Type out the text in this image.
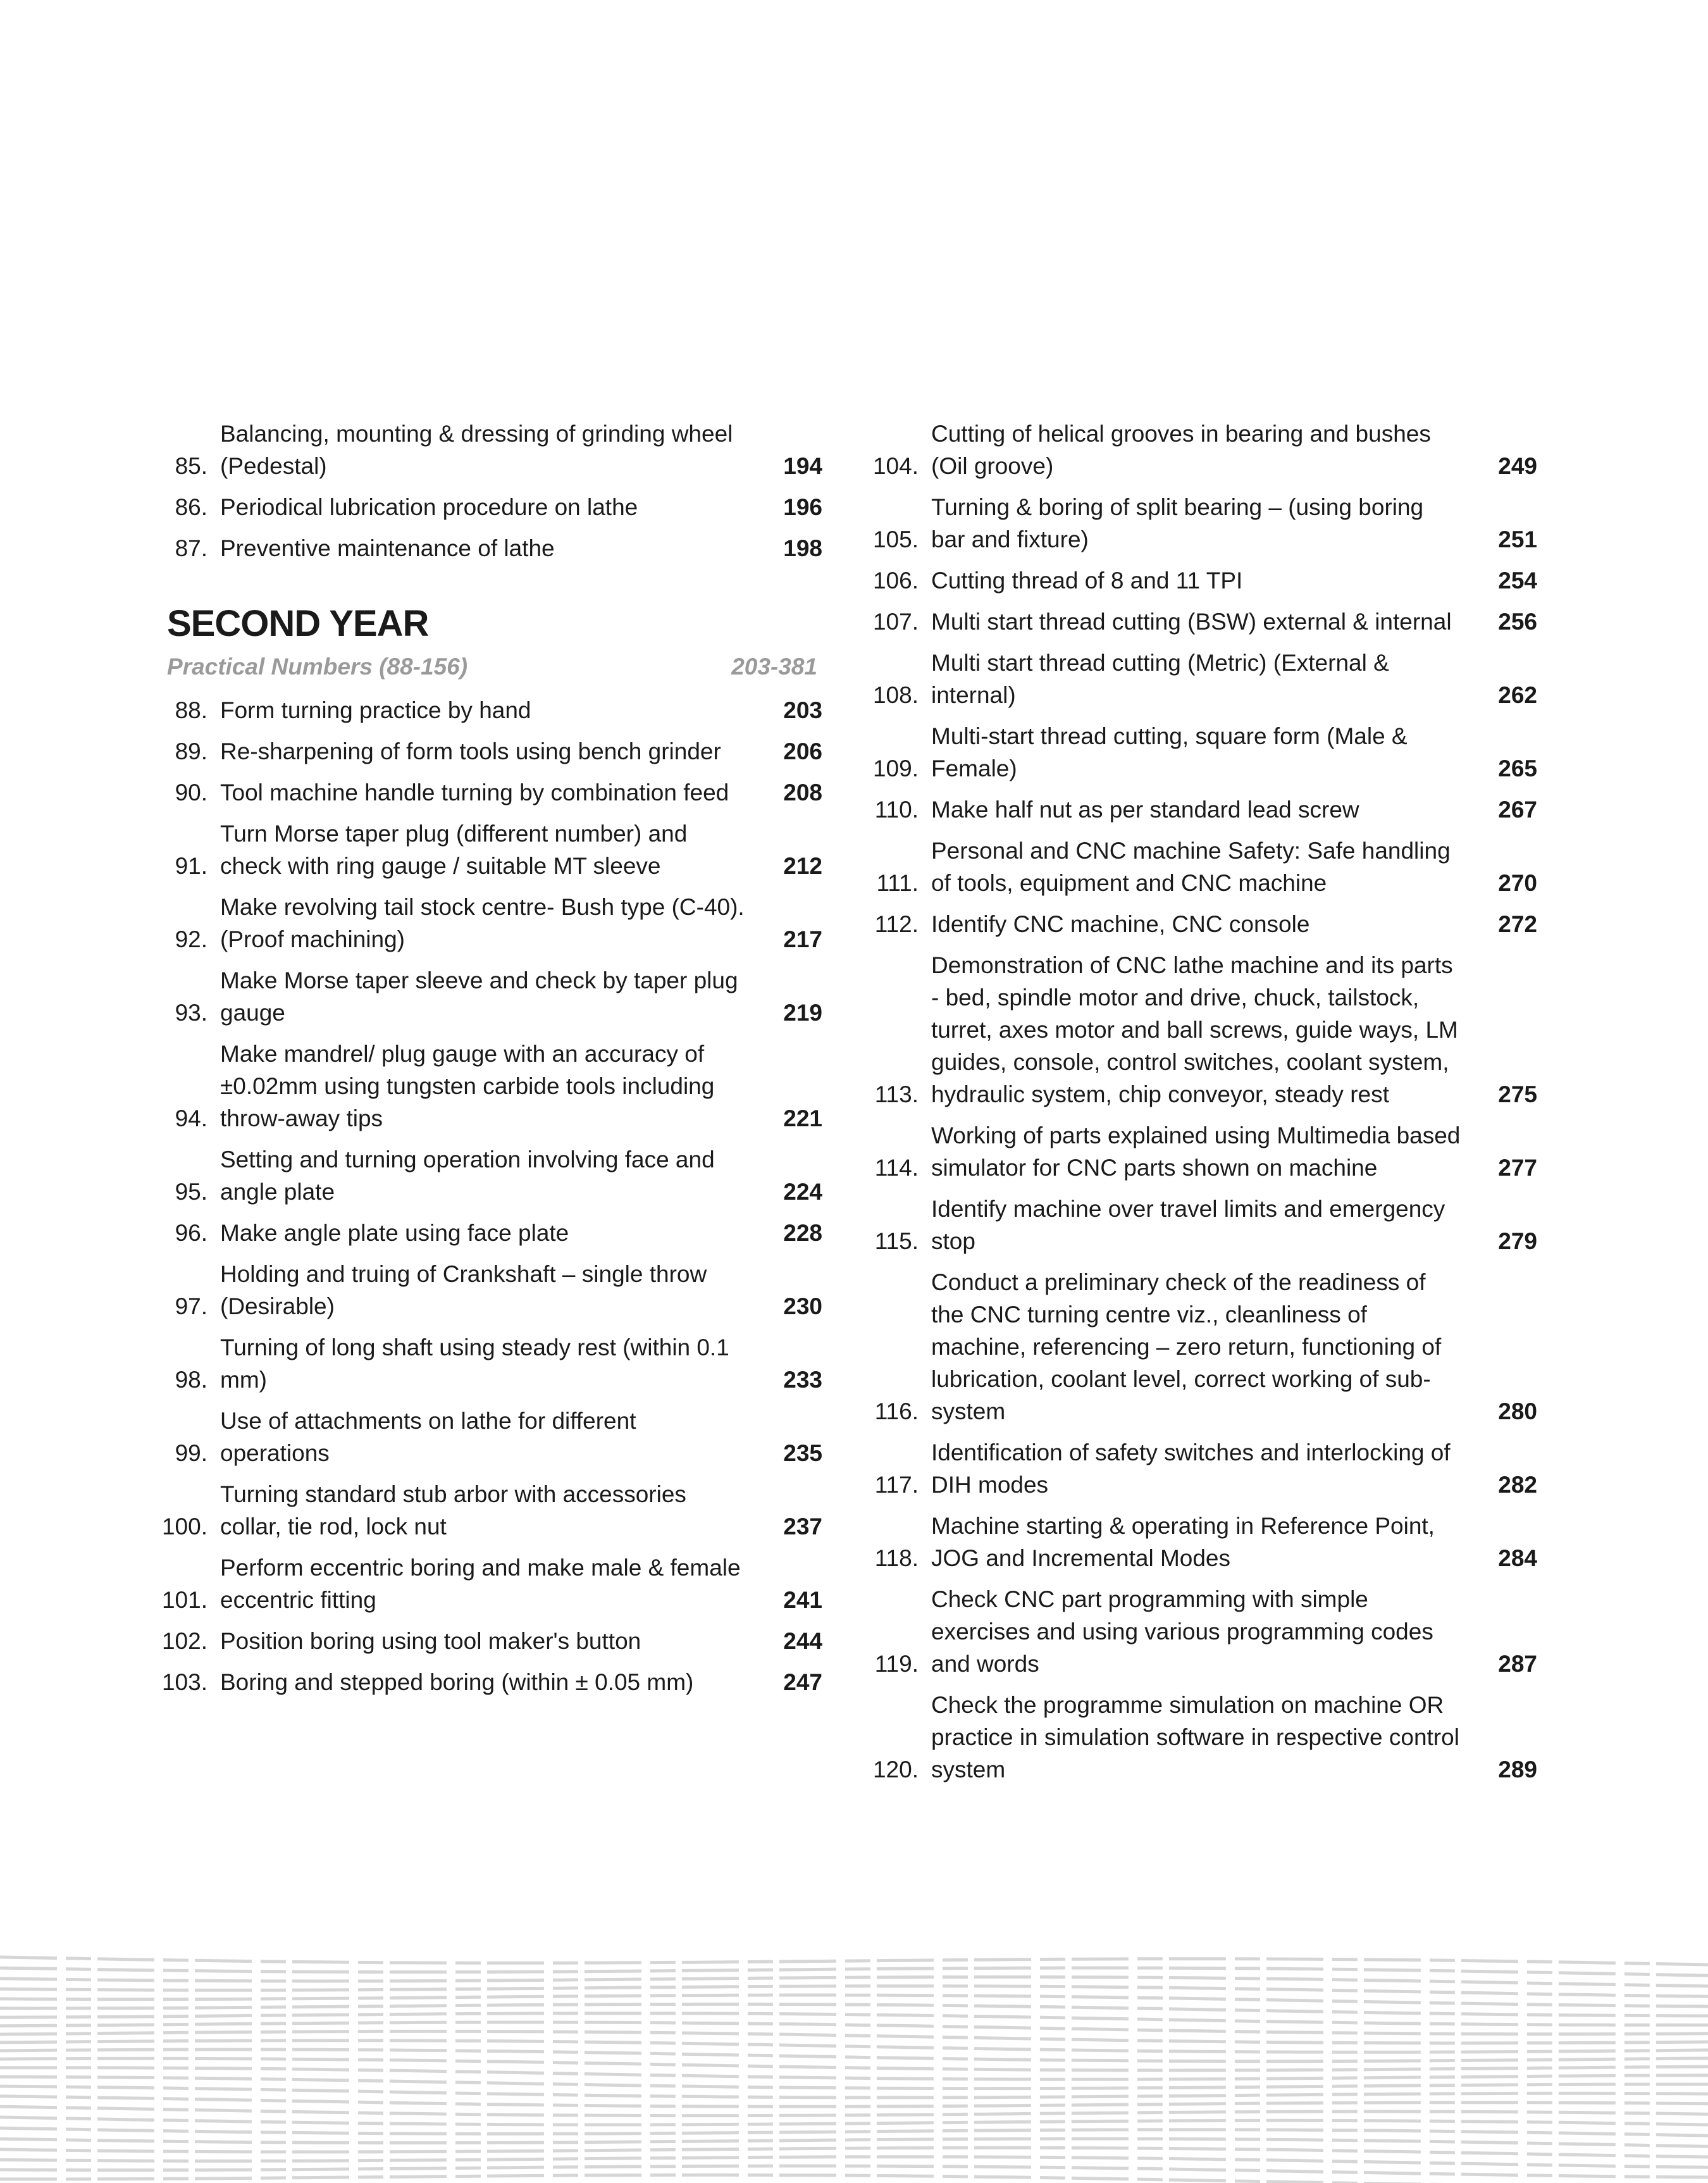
85.
Balancing, mounting & dressing of grinding wheel (Pedestal)	194
86. Periodical lubrication procedure on lathe	196
87. Preventive maintenance of lathe	198
SECOND YEAR
Practical Numbers (88-156)	203-381
88. Form turning practice by hand	203
89. Re-sharpening of form tools using bench grinder	206
90. Tool machine handle turning by combination feed	208
91.
Turn Morse taper plug (different number) and check with ring gauge / suitable MT sleeve	212
92.
Make revolving tail stock centre- Bush type (C-40). (Proof machining)	217
93.
Make Morse taper sleeve and check by taper plug gauge	219
94.
Make mandrel/ plug gauge with an accuracy of ±0.02mm using tungsten carbide tools including throw-away tips	221
95.
Setting and turning operation involving face and angle plate	224
96. Make angle plate using face plate	228
97.
Holding and truing of Crankshaft – single throw (Desirable)	230
98.
Turning of long shaft using steady rest (within 0.1 mm)	233
99.
Use of attachments on lathe for different operations	235
100.
Turning standard stub arbor with accessories collar, tie rod, lock nut	237
101.
Perform eccentric boring and make male & female eccentric fitting	241
102. Position boring using tool maker's button	244
103. Boring and stepped boring (within ± 0.05 mm)	247
104.
Cutting of helical grooves in bearing and bushes (Oil groove)	249
105.
Turning & boring of split bearing – (using boring bar and fixture)	251
106. Cutting thread of 8 and 11 TPI	254
107. Multi start thread cutting (BSW) external & internal	256
108.
Multi start thread cutting (Metric) (External & internal)	262
109.
Multi-start thread cutting, square form (Male & Female)	265
110. Make half nut as per standard lead screw	267
111.
Personal and CNC machine Safety: Safe handling of tools, equipment and CNC machine	270
112. Identify CNC machine, CNC console	272
113.
Demonstration of CNC lathe machine and its parts - bed, spindle motor and drive, chuck, tailstock, turret, axes motor and ball screws, guide ways, LM guides, console, control switches, coolant system, hydraulic system, chip conveyor, steady rest	275
114.
Working of parts explained using Multimedia based simulator for CNC parts shown on machine	277
115.
Identify machine over travel limits and emergency stop	279
116.
Conduct a preliminary check of the readiness of the CNC turning centre viz., cleanliness of machine, referencing – zero return, functioning of lubrication, coolant level, correct working of sub-system	280
117.
Identification of safety switches and interlocking of DIH modes	282
118.
Machine starting & operating in Reference Point, JOG and Incremental Modes	284
119.
Check CNC part programming with simple exercises and using various programming codes and words	287
120.
Check the programme simulation on machine OR practice in simulation software in respective control system	289
